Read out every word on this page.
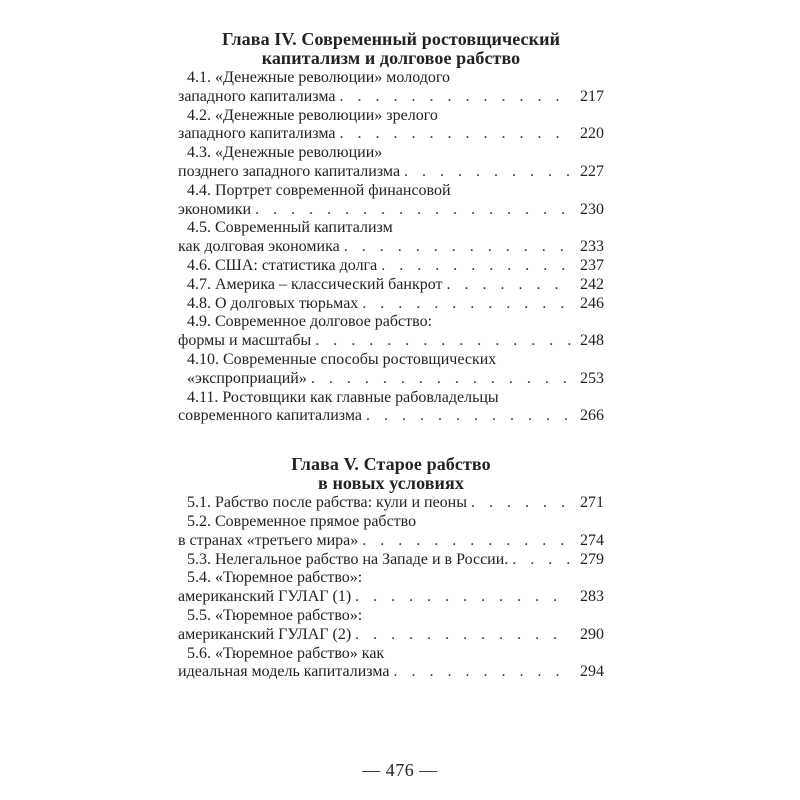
Глава IV. Современный ростовщический
капитализм и долговое рабство
4.1. «Денежные революции» молодого
западного капитализма . . .	217
4.2. «Денежные революции» зрелого
западного капитализма . . .	220
4.3. «Денежные революции»
позднего западного капитализма . . .	227
4.4. Портрет современной финансовой
экономики . . .	230
4.5. Современный капитализм
как долговая экономика . . .	233
4.6. США: статистика долга . . .	237
4.7. Америка – классический банкрот . . .	242
4.8. О долговых тюрьмах . . .	246
4.9. Современное долговое рабство:
формы и масштабы . . .	248
4.10. Современные способы ростовщических
«экспроприаций» . . .	253
4.11. Ростовщики как главные рабовладельцы
современного капитализма . . .	266
Глава V. Старое рабство
в новых условиях
5.1. Рабство после рабства: кули и пеоны . . .	271
5.2. Современное прямое рабство
в странах «третьего мира» . . .	274
5.3. Нелегальное рабство на Западе и в России. . . .	279
5.4. «Тюремное рабство»:
американский ГУЛАГ (1) . . .	283
5.5. «Тюремное рабство»:
американский ГУЛАГ (2) . . .	290
5.6. «Тюремное рабство» как
идеальная модель капитализма . . .	294
— 476 —
